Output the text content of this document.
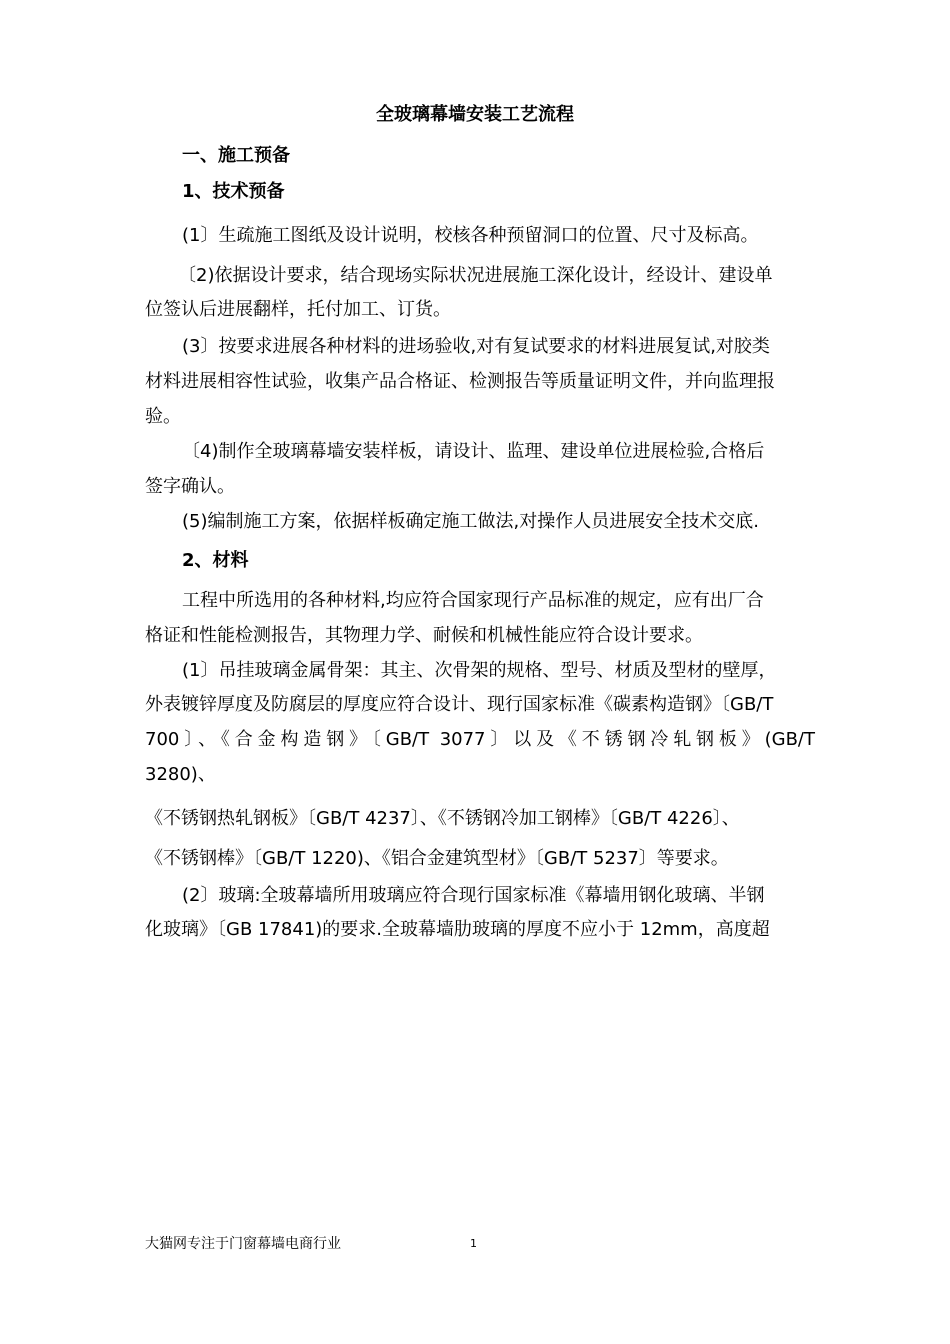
全玻璃幕墙安装工艺流程
一、施工预备
1、技术预备
(1〕生疏施工图纸及设计说明，校核各种预留洞口的位置、尺寸及标高。
〔2)依据设计要求，结合现场实际状况进展施工深化设计，经设计、建设单
位签认后进展翻样，托付加工、订货。
(3〕按要求进展各种材料的进场验收,对有复试要求的材料进展复试,对胶类
材料进展相容性试验，收集产品合格证、检测报告等质量证明文件，并向监理报
验。
〔4)制作全玻璃幕墙安装样板，请设计、监理、建设单位进展检验,合格后
签字确认。
(5)编制施工方案，依据样板确定施工做法,对操作人员进展安全技术交底.
2、材料
工程中所选用的各种材料,均应符合国家现行产品标准的规定，应有出厂合
格证和性能检测报告，其物理力学、耐候和机械性能应符合设计要求。
(1〕吊挂玻璃金属骨架：其主、次骨架的规格、型号、材质及型材的壁厚，
外表镀锌厚度及防腐层的厚度应符合设计、现行国家标准《碳素构造钢》〔GB/T
700〕、《合金构造钢》〔GB/T 3077〕以及《不锈钢冷轧钢板》(GB/T
3280)、
《不锈钢热轧钢板》〔GB/T 4237〕、《不锈钢冷加工钢棒》〔GB/T 4226〕、
《不锈钢棒》〔GB/T 1220)、《铝合金建筑型材》〔GB/T 5237〕等要求。
(2〕玻璃:全玻幕墙所用玻璃应符合现行国家标准《幕墙用钢化玻璃、半钢
化玻璃》〔GB 17841)的要求.全玻幕墙肋玻璃的厚度不应小于 12mm，高度超
大猫网专注于门窗幕墙电商行业	1
